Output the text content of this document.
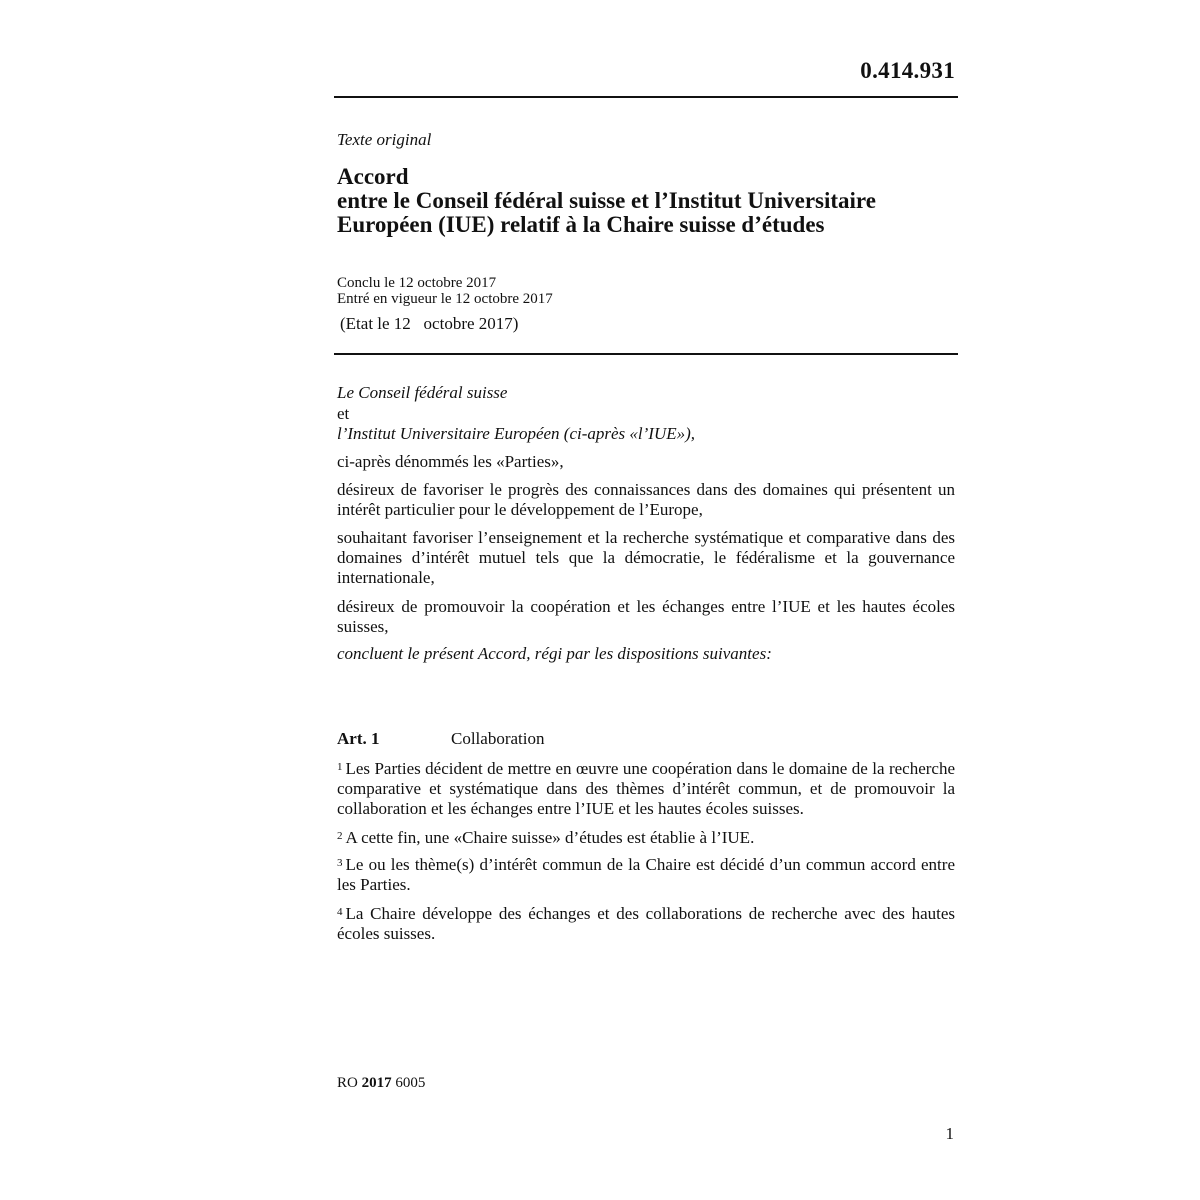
0.414.931
Texte original
Accord
entre le Conseil fédéral suisse et l’Institut Universitaire
Européen (IUE) relatif à la Chaire suisse d’études
Conclu le 12 octobre 2017
Entré en vigueur le 12 octobre 2017
(Etat le 12   octobre 2017)
Le Conseil fédéral suisse
et
l’Institut Universitaire Européen (ci-après «l’IUE»),
ci-après dénommés les «Parties»,
désireux de favoriser le progrès des connaissances dans des domaines qui présentent un intérêt particulier pour le développement de l’Europe,
souhaitant favoriser l’enseignement et la recherche systématique et comparative dans des domaines d’intérêt mutuel tels que la démocratie, le fédéralisme et la gouvernance internationale,
désireux de promouvoir la coopération et les échanges entre l’IUE et les hautes écoles suisses,
concluent le présent Accord, régi par les dispositions suivantes:
Art. 1	Collaboration
$^1$ Les Parties décident de mettre en œuvre une coopération dans le domaine de la recherche comparative et systématique dans des thèmes d’intérêt commun, et de promouvoir la collaboration et les échanges entre l’IUE et les hautes écoles suisses.
$^2$ A cette fin, une «Chaire suisse» d’études est établie à l’IUE.
$^3$ Le ou les thème(s) d’intérêt commun de la Chaire est décidé d’un commun accord entre les Parties.
$^4$ La Chaire développe des échanges et des collaborations de recherche avec des hautes écoles suisses.
RO 2017 6005
1
